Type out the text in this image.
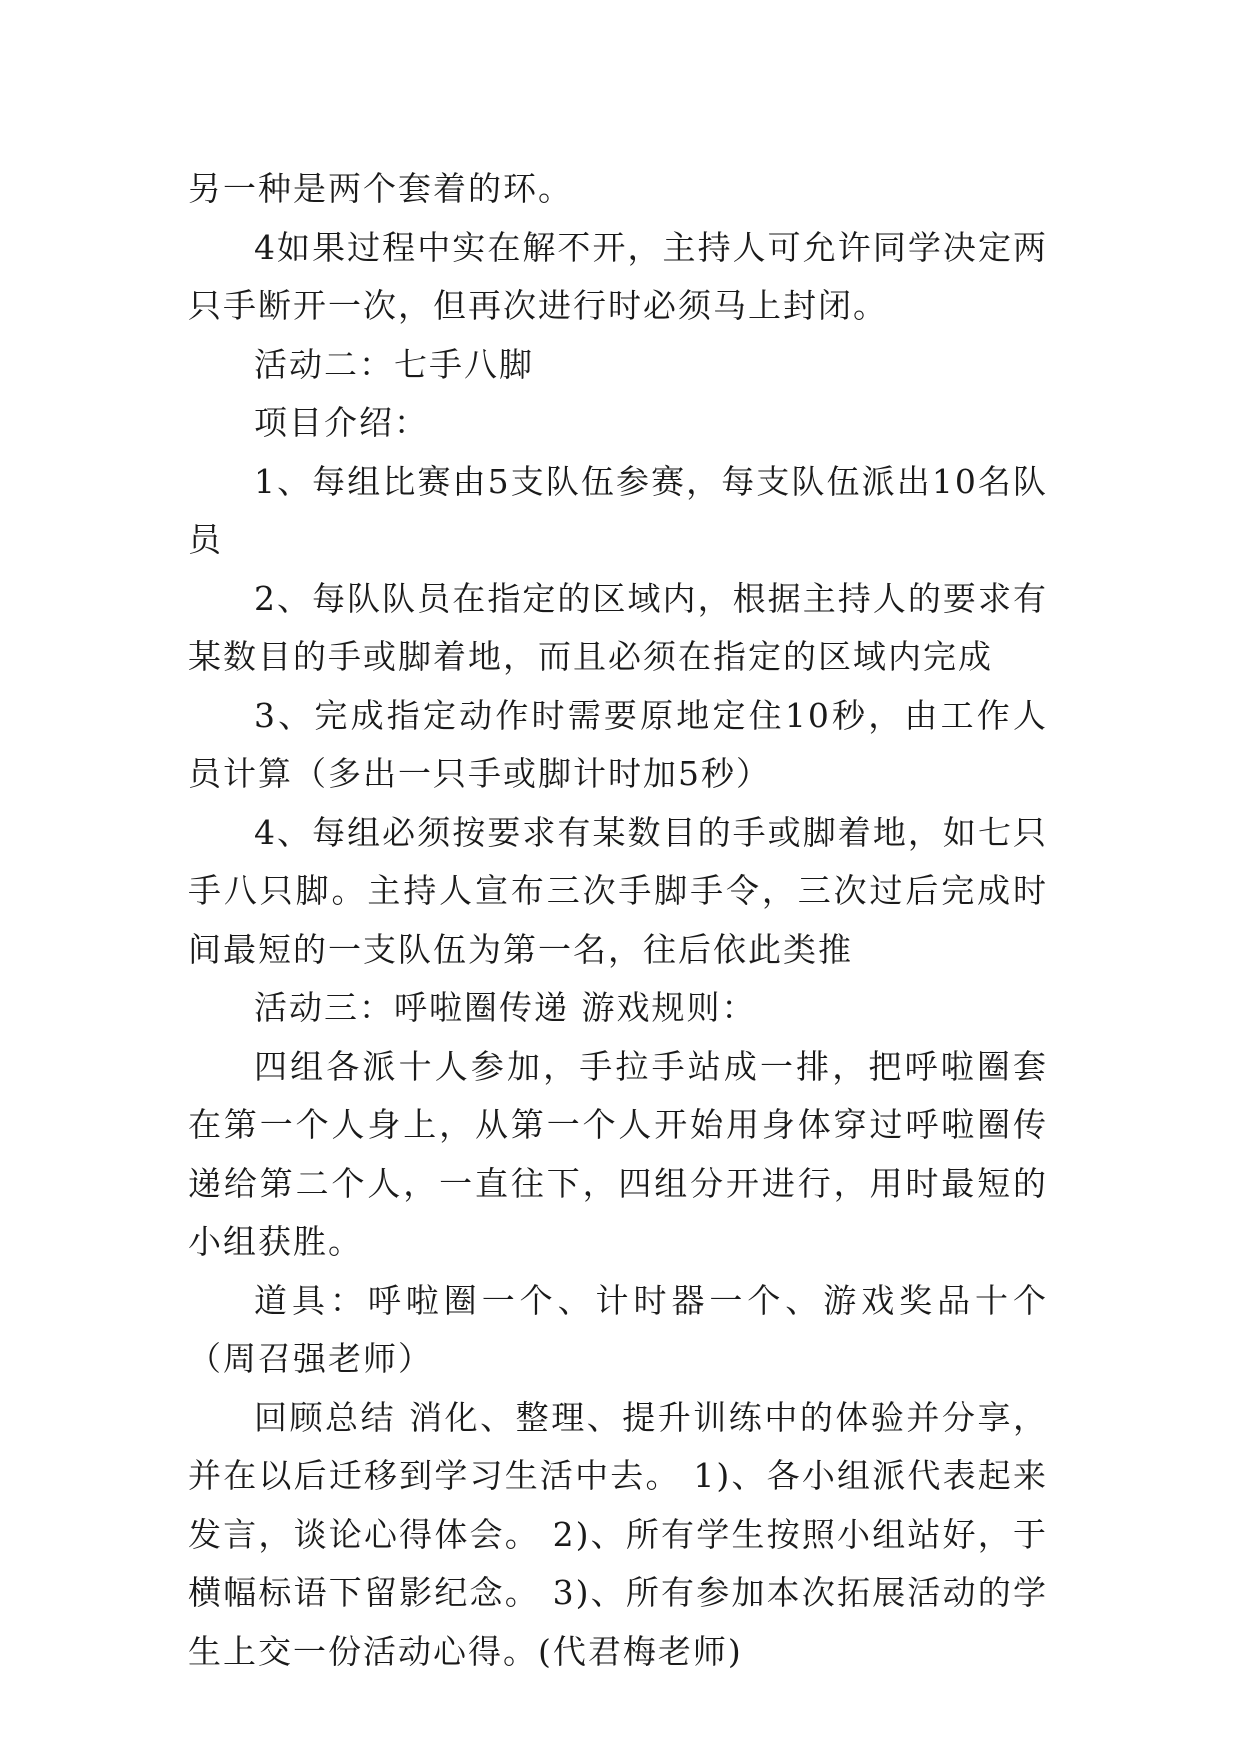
另一种是两个套着的环。

4如果过程中实在解不开，主持人可允许同学决定两只手断开一次，但再次进行时必须马上封闭。

活动二：七手八脚

项目介绍：

1、每组比赛由5支队伍参赛，每支队伍派出10名队员

2、每队队员在指定的区域内，根据主持人的要求有某数目的手或脚着地，而且必须在指定的区域内完成

3、完成指定动作时需要原地定住10秒，由工作人员计算（多出一只手或脚计时加5秒）

4、每组必须按要求有某数目的手或脚着地，如七只手八只脚。主持人宣布三次手脚手令，三次过后完成时间最短的一支队伍为第一名，往后依此类推

活动三：呼啦圈传递 游戏规则：

四组各派十人参加，手拉手站成一排，把呼啦圈套在第一个人身上，从第一个人开始用身体穿过呼啦圈传递给第二个人，一直往下，四组分开进行，用时最短的小组获胜。

道具：呼啦圈一个、计时器一个、游戏奖品十个（周召强老师）

回顾总结 消化、整理、提升训练中的体验并分享，并在以后迁移到学习生活中去。 1)、各小组派代表起来发言，谈论心得体会。 2)、所有学生按照小组站好，于横幅标语下留影纪念。 3)、所有参加本次拓展活动的学生上交一份活动心得。(代君梅老师)
